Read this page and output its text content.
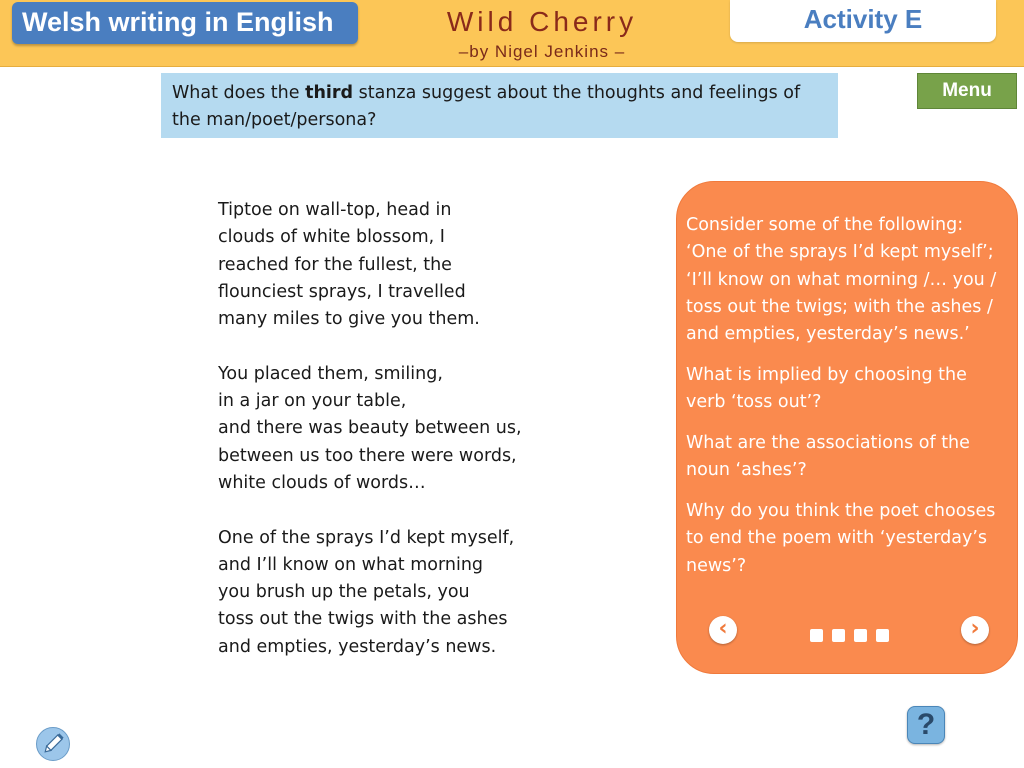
Welsh writing in English	Wild Cherry
–by Nigel Jenkins –
Activity E
What does the third stanza suggest about the thoughts and feelings of the man/poet/persona?
Menu
Tiptoe on wall-top, head in
clouds of white blossom, I
reached for the fullest, the
flounciest sprays, I travelled
many miles to give you them.
You placed them, smiling,
in a jar on your table,
and there was beauty between us,
between us too there were words,
white clouds of words…
One of the sprays I’d kept myself,
and I’ll know on what morning
you brush up the petals, you
toss out the twigs with the ashes
and empties, yesterday’s news.

Consider some of the following: ‘One of the sprays I’d kept myself’; ‘I’ll know on what morning /… you / toss out the twigs; with the ashes / and empties, yesterday’s news.’

What is implied by choosing the verb ‘toss out’?

What are the associations of the noun ‘ashes’?

Why do you think the poet chooses to end the poem with ‘yesterday’s news’?

‹	›
?
